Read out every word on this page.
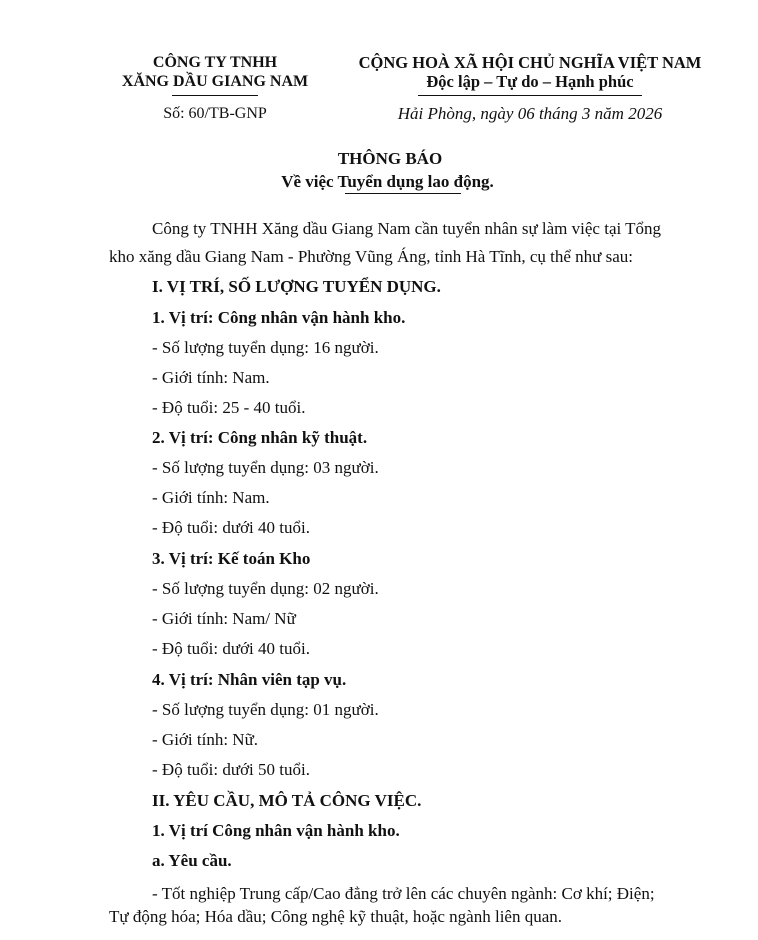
CÔNG TY TNHH
XĂNG DẦU GIANG NAM
Số: 60/TB-GNP
CỘNG HOÀ XÃ HỘI CHỦ NGHĨA VIỆT NAM
Độc lập – Tự do – Hạnh phúc
Hải Phòng, ngày 06 tháng 3 năm 2026
THÔNG BÁO
Về việc Tuyển dụng lao động.
Công ty TNHH Xăng dầu Giang Nam cần tuyển nhân sự làm việc tại Tổng
kho xăng dầu Giang Nam - Phường Vũng Áng, tỉnh Hà Tĩnh, cụ thể như sau:
I. VỊ TRÍ, SỐ LƯỢNG TUYỂN DỤNG.
1. Vị trí: Công nhân vận hành kho.
- Số lượng tuyển dụng: 16 người.
- Giới tính: Nam.
- Độ tuổi: 25 - 40 tuổi.
2. Vị trí: Công nhân kỹ thuật.
- Số lượng tuyển dụng: 03 người.
- Giới tính: Nam.
- Độ tuổi: dưới 40 tuổi.
3. Vị trí: Kế toán Kho
- Số lượng tuyển dụng: 02 người.
- Giới tính: Nam/ Nữ
- Độ tuổi: dưới 40 tuổi.
4. Vị trí: Nhân viên tạp vụ.
- Số lượng tuyển dụng: 01 người.
- Giới tính: Nữ.
- Độ tuổi: dưới 50 tuổi.
II. YÊU CẦU, MÔ TẢ CÔNG VIỆC.
1. Vị trí Công nhân vận hành kho.
a. Yêu cầu.
- Tốt nghiệp Trung cấp/Cao đẳng trở lên các chuyên ngành: Cơ khí; Điện;
Tự động hóa; Hóa dầu; Công nghệ kỹ thuật, hoặc ngành liên quan.
